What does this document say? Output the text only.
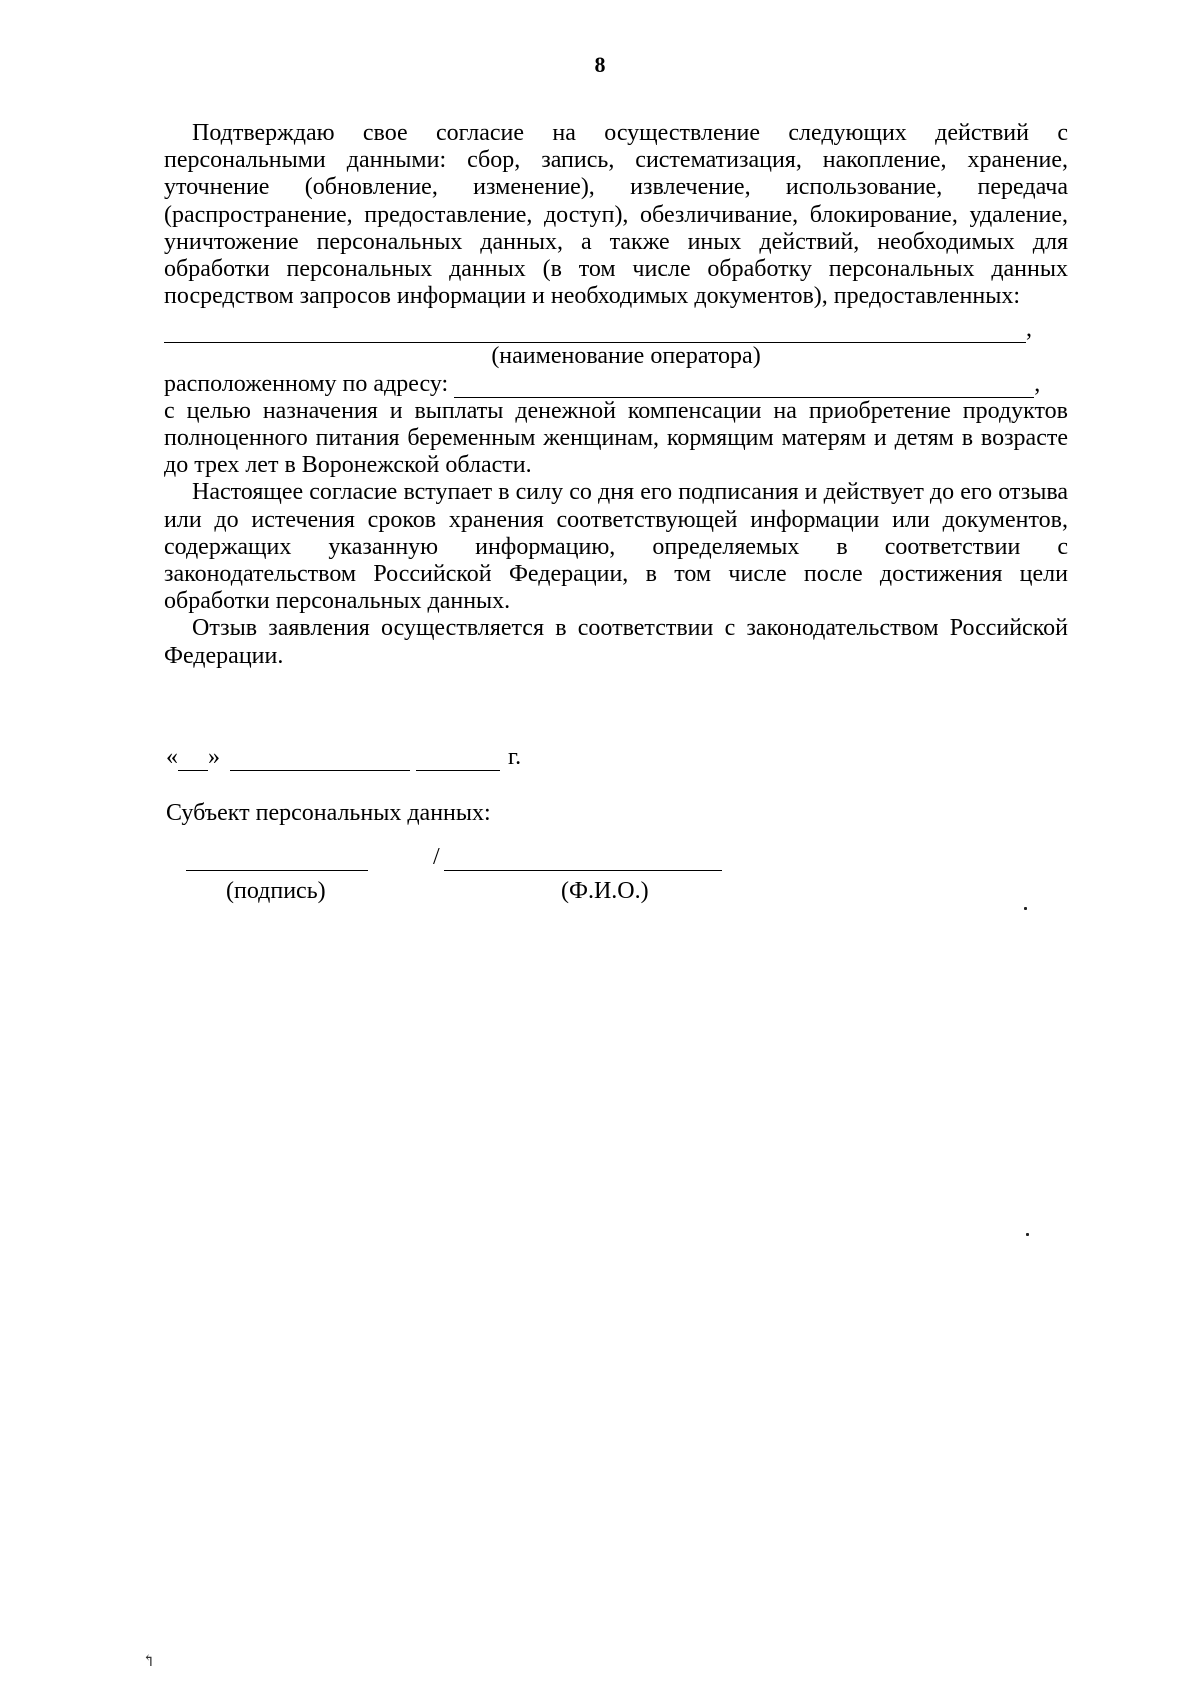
8

Подтверждаю свое согласие на осуществление следующих действий с персональными данными: сбор, запись, систематизация, накопление, хранение, уточнение (обновление, изменение), извлечение, использование, передача (распространение, предоставление, доступ), обезличивание, блокирование, удаление, уничтожение персональных данных, а также иных действий, необходимых для обработки персональных данных (в том числе обработку персональных данных посредством запросов информации и необходимых документов), предоставленных:

,
(наименование оператора)
расположенному по адресу:	,

с целью назначения и выплаты денежной компенсации на приобретение продуктов полноценного питания беременным женщинам, кормящим матерям и детям в возрасте до трех лет в Воронежской области.

Настоящее согласие вступает в силу со дня его подписания и действует до его отзыва или до истечения сроков хранения соответствующей информации или документов, содержащих указанную информацию, определяемых в соответствии с законодательством Российской Федерации, в том числе после достижения цели обработки персональных данных.

Отзыв заявления осуществляется в соответствии с законодательством Российской Федерации.

« »	г.
Субъект персональных данных:
/
(подпись)	(Ф.И.О.)
↰
